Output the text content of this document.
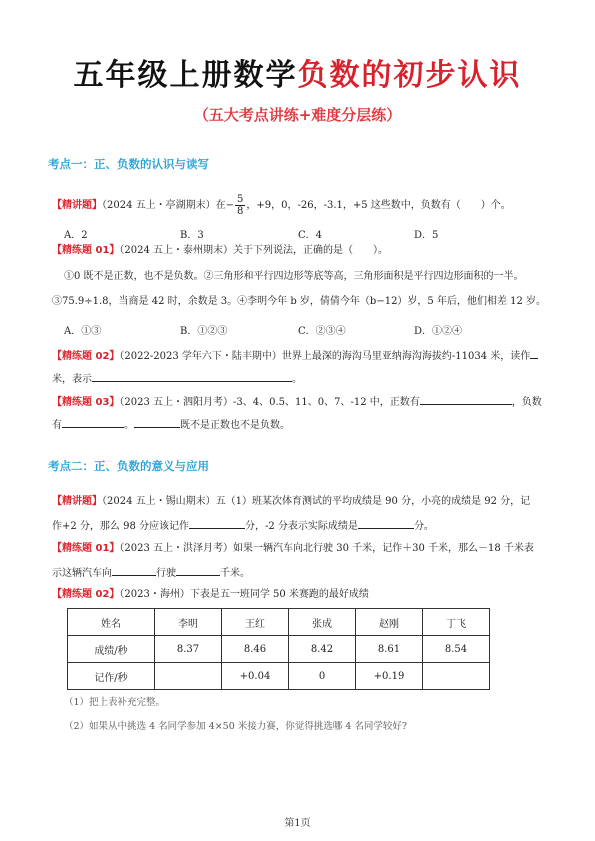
五年级上册数学负数的初步认识
（五大考点讲练+难度分层练）
考点一：正、负数的认识与读写
【精讲题】（2024 五上・亭湖期末）在− $\frac{5}{8}$ ，+9，0，-26，-3.1，+5 这些数中，负数有（　　）个。
A．2	B．3	C．4	D．5
【精练题 01】（2024 五上・泰州期末）关于下列说法，正确的是（　　）。
①0 既不是正数，也不是负数。②三角形和平行四边形等底等高，三角形面积是平行四边形面积的一半。
③75.9÷1.8，当商是 42 时，余数是 3。④李明今年 b 岁，倩倩今年（b−12）岁，5 年后，他们相差 12 岁。
A．①③	B．①②③	C．②③④	D．①②④
【精练题 02】（2022-2023 学年六下・陆丰期中）世界上最深的海沟马里亚纳海沟海拔约-11034 米，读作
米，表示	。
【精练题 03】（2023 五上・泗阳月考）-3、4、0.5、11、0、7、-12 中，正数有	，负数
有	。	既不是正数也不是负数。
考点二：正、负数的意义与应用
【精讲题】（2024 五上・锡山期末）五（1）班某次体育测试的平均成绩是 90 分，小亮的成绩是 92 分，记
作+2 分，那么 98 分应该记作	分，-2 分表示实际成绩是	分。
【精练题 01】（2023 五上・洪泽月考）如果一辆汽车向北行驶 30 千米，记作＋30 千米，那么－18 千米表
示这辆汽车向	行驶	千米。
【精练题 02】（2023・海州）下表是五一班同学 50 米赛跑的最好成绩
姓名	李明	王红	张成	赵刚	丁飞
成绩/秒	8.37	8.46	8.42	8.61	8.54
记作/秒		+0.04	0	+0.19	
（1）把上表补充完整。
（2）如果从中挑选 4 名同学参加 4×50 米接力赛，你觉得挑选哪 4 名同学较好?
第1页
